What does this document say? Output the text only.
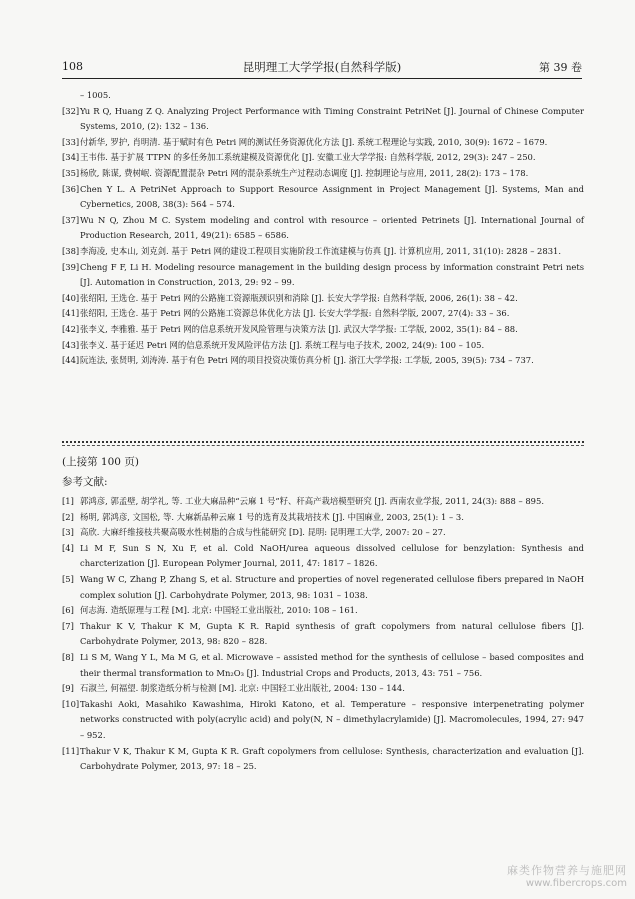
108	昆明理工大学学报(自然科学版)	第 39 卷
– 1005.
[32] Yu R Q, Huang Z Q. Analyzing Project Performance with Timing Constraint PetriNet [J]. Journal of Chinese Computer Systems, 2010, (2): 132 – 136.
[33] 付新华, 罗护, 肖明清. 基于赋时有色 Petri 网的测试任务资源优化方法 [J]. 系统工程理论与实践, 2010, 30(9): 1672 – 1679.
[34] 王韦伟. 基于扩展 TTPN 的多任务加工系统建模及资源优化 [J]. 安徽工业大学学报: 自然科学版, 2012, 29(3): 247 – 250.
[35] 杨欣, 陈谋, 费树岷. 资源配置混杂 Petri 网的混杂系统生产过程动态调度 [J]. 控制理论与应用, 2011, 28(2): 173 – 178.
[36] Chen Y L. A PetriNet Approach to Support Resource Assignment in Project Management [J]. Systems, Man and Cybernetics, 2008, 38(3): 564 – 574.
[37] Wu N Q, Zhou M C. System modeling and control with resource – oriented Petrinets [J]. International Journal of Production Research, 2011, 49(21): 6585 – 6586.
[38] 李海凌, 史本山, 刘克剑. 基于 Petri 网的建设工程项目实施阶段工作流建模与仿真 [J]. 计算机应用, 2011, 31(10): 2828 – 2831.
[39] Cheng F F, Li H. Modeling resource management in the building design process by information constraint Petri nets [J]. Automation in Construction, 2013, 29: 92 – 99.
[40] 张绍阳, 王选仓. 基于 Petri 网的公路施工资源瓶颈识别和消除 [J]. 长安大学学报: 自然科学版, 2006, 26(1): 38 – 42.
[41] 张绍阳, 王选仓. 基于 Petri 网的公路施工资源总体优化方法 [J]. 长安大学学报: 自然科学版, 2007, 27(4): 33 – 36.
[42] 张李义, 李雅雅. 基于 Petri 网的信息系统开发风险管理与决策方法 [J]. 武汉大学学报: 工学版, 2002, 35(1): 84 – 88.
[43] 张李义. 基于延迟 Petri 网的信息系统开发风险评估方法 [J]. 系统工程与电子技术, 2002, 24(9): 100 – 105.
[44] 阮连法, 张贤明, 刘涛涛. 基于有色 Petri 网的项目投资决策仿真分析 [J]. 浙江大学学报: 工学版, 2005, 39(5): 734 – 737.
(上接第 100 页)
参考文献:
[1] 郭鸿彦, 郭孟壁, 胡学礼, 等. 工业大麻品种“云麻 1 号”籽、秆高产栽培模型研究 [J]. 西南农业学报, 2011, 24(3): 888 – 895.
[2] 杨明, 郭鸿彦, 文国松, 等. 大麻新品种云麻 1 号的选育及其栽培技术 [J]. 中国麻业, 2003, 25(1): 1 – 3.
[3] 高欣. 大麻纤维接枝共聚高吸水性树脂的合成与性能研究 [D]. 昆明: 昆明理工大学, 2007: 20 – 27.
[4] Li M F, Sun S N, Xu F, et al. Cold NaOH/urea aqueous dissolved cellulose for benzylation: Synthesis and charcterization [J]. European Polymer Journal, 2011, 47: 1817 – 1826.
[5] Wang W C, Zhang P, Zhang S, et al. Structure and properties of novel regenerated cellulose fibers prepared in NaOH complex solution [J]. Carbohydrate Polymer, 2013, 98: 1031 – 1038.
[6] 何志海. 造纸原理与工程 [M]. 北京: 中国轻工业出版社, 2010: 108 – 161.
[7] Thakur K V, Thakur K M, Gupta K R. Rapid synthesis of graft copolymers from natural cellulose fibers [J]. Carbohydrate Polymer, 2013, 98: 820 – 828.
[8] Li S M, Wang Y L, Ma M G, et al. Microwave – assisted method for the synthesis of cellulose – based composites and their thermal transformation to Mn₂O₃ [J]. Industrial Crops and Products, 2013, 43: 751 – 756.
[9] 石淑兰, 何福望. 制浆造纸分析与检测 [M]. 北京: 中国轻工业出版社, 2004: 130 – 144.
[10] Takashi Aoki, Masahiko Kawashima, Hiroki Katono, et al. Temperature – responsive interpenetrating polymer networks constructed with poly(acrylic acid) and poly(N, N – dimethylacrylamide) [J]. Macromolecules, 1994, 27: 947 – 952.
[11] Thakur V K, Thakur K M, Gupta K R. Graft copolymers from cellulose: Synthesis, characterization and evaluation [J]. Carbohydrate Polymer, 2013, 97: 18 – 25.
麻类作物营养与施肥网
www.fibercrops.com
